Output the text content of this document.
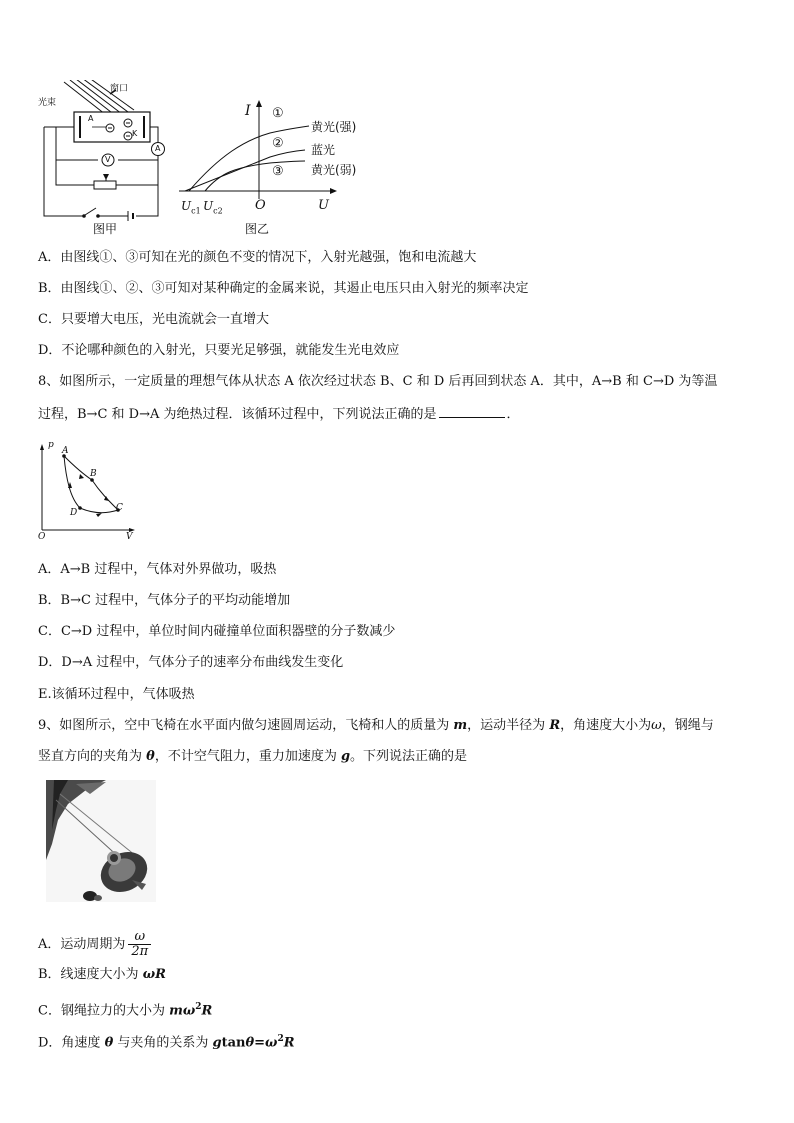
光束
窗口
A
K
V
A
图甲
I
U
O
$U_{c1}$ $U_{c2}$
①
②
③
黄光(强)
蓝光
黄光(弱)
图乙
A．由图线①、③可知在光的颜色不变的情况下，入射光越强，饱和电流越大
B．由图线①、②、③可知对某种确定的金属来说，其遏止电压只由入射光的频率决定
C．只要增大电压，光电流就会一直增大
D．不论哪种颜色的入射光，只要光足够强，就能发生光电效应
8、如图所示，一定质量的理想气体从状态 A 依次经过状态 B、C 和 D 后再回到状态 A．其中，A→B 和 C→D 为等温
过程，B→C 和 D→A 为绝热过程．该循环过程中，下列说法正确的是	．
p
V
O
A
B
C
D
A．A→B 过程中，气体对外界做功，吸热
B．B→C 过程中，气体分子的平均动能增加
C．C→D 过程中，单位时间内碰撞单位面积器壁的分子数减少
D．D→A 过程中，气体分子的速率分布曲线发生变化
E.该循环过程中，气体吸热
9、如图所示，空中飞椅在水平面内做匀速圆周运动，飞椅和人的质量为 m，运动半径为 R，角速度大小为ω，钢绳与
竖直方向的夹角为 θ，不计空气阻力，重力加速度为 g。下列说法正确的是
A．运动周期为 $\frac{\omega}{2\pi}$
B．线速度大小为 ωR
C．钢绳拉力的大小为 $m\omega^2R$
D．角速度 θ 与夹角的关系为 $gtan\theta=\omega^2R$
